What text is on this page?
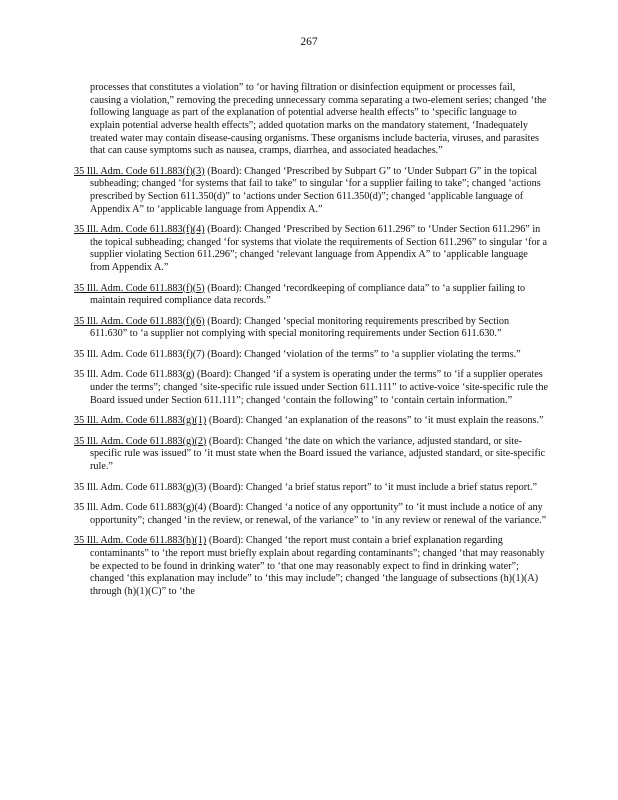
267

processes that constitutes a violation” to ‘or having filtration or disinfection equipment or processes fail, causing a violation,” removing the preceding unnecessary comma separating a two-element series; changed ‘the following language as part of the explanation of potential adverse health effects” to ‘specific language to explain potential adverse health effects”; added quotation marks on the mandatory statement, ‘Inadequately treated water may contain disease-causing organisms. These organisms include bacteria, viruses, and parasites that can cause symptoms such as nausea, cramps, diarrhea, and associated headaches.”

35 Ill. Adm. Code 611.883(f)(3) (Board): Changed ‘Prescribed by Subpart G” to ‘Under Subpart G” in the topical subheading; changed ‘for systems that fail to take” to singular ‘for a supplier failing to take”; changed ‘actions prescribed by Section 611.350(d)” to ‘actions under Section 611.350(d)”; changed ‘applicable language of Appendix A” to ‘applicable language from Appendix A.”

35 Ill. Adm. Code 611.883(f)(4) (Board): Changed ‘Prescribed by Section 611.296” to ‘Under Section 611.296” in the topical subheading; changed ‘for systems that violate the requirements of Section 611.296” to singular ‘for a supplier violating Section 611.296”; changed ‘relevant language from Appendix A” to ‘applicable language from Appendix A.”

35 Ill. Adm. Code 611.883(f)(5) (Board): Changed ‘recordkeeping of compliance data” to ‘a supplier failing to maintain required compliance data records.”

35 Ill. Adm. Code 611.883(f)(6) (Board): Changed ‘special monitoring requirements prescribed by Section 611.630” to ‘a supplier not complying with special monitoring requirements under Section 611.630.”

35 Ill. Adm. Code 611.883(f)(7) (Board): Changed ‘violation of the terms” to ‘a supplier violating the terms.”

35 Ill. Adm. Code 611.883(g) (Board): Changed ‘if a system is operating under the terms” to ‘if a supplier operates under the terms”; changed ‘site-specific rule issued under Section 611.111” to active-voice ‘site-specific rule the Board issued under Section 611.111”; changed ‘contain the following” to ‘contain certain information.”

35 Ill. Adm. Code 611.883(g)(1) (Board): Changed ‘an explanation of the reasons” to ‘it must explain the reasons.”

35 Ill. Adm. Code 611.883(g)(2) (Board): Changed ‘the date on which the variance, adjusted standard, or site-specific rule was issued” to ‘it must state when the Board issued the variance, adjusted standard, or site-specific rule.”

35 Ill. Adm. Code 611.883(g)(3) (Board): Changed ‘a brief status report” to ‘it must include a brief status report.”

35 Ill. Adm. Code 611.883(g)(4) (Board): Changed ‘a notice of any opportunity” to ‘it must include a notice of any opportunity”; changed ‘in the review, or renewal, of the variance” to ‘in any review or renewal of the variance.”

35 Ill. Adm. Code 611.883(h)(1) (Board): Changed ‘the report must contain a brief explanation regarding contaminants” to ‘the report must briefly explain about regarding contaminants”; changed ‘that may reasonably be expected to be found in drinking water” to ‘that one may reasonably expect to find in drinking water”; changed ‘this explanation may include” to ‘this may include”; changed ‘the language of subsections (h)(1)(A) through (h)(1)(C)” to ‘the
